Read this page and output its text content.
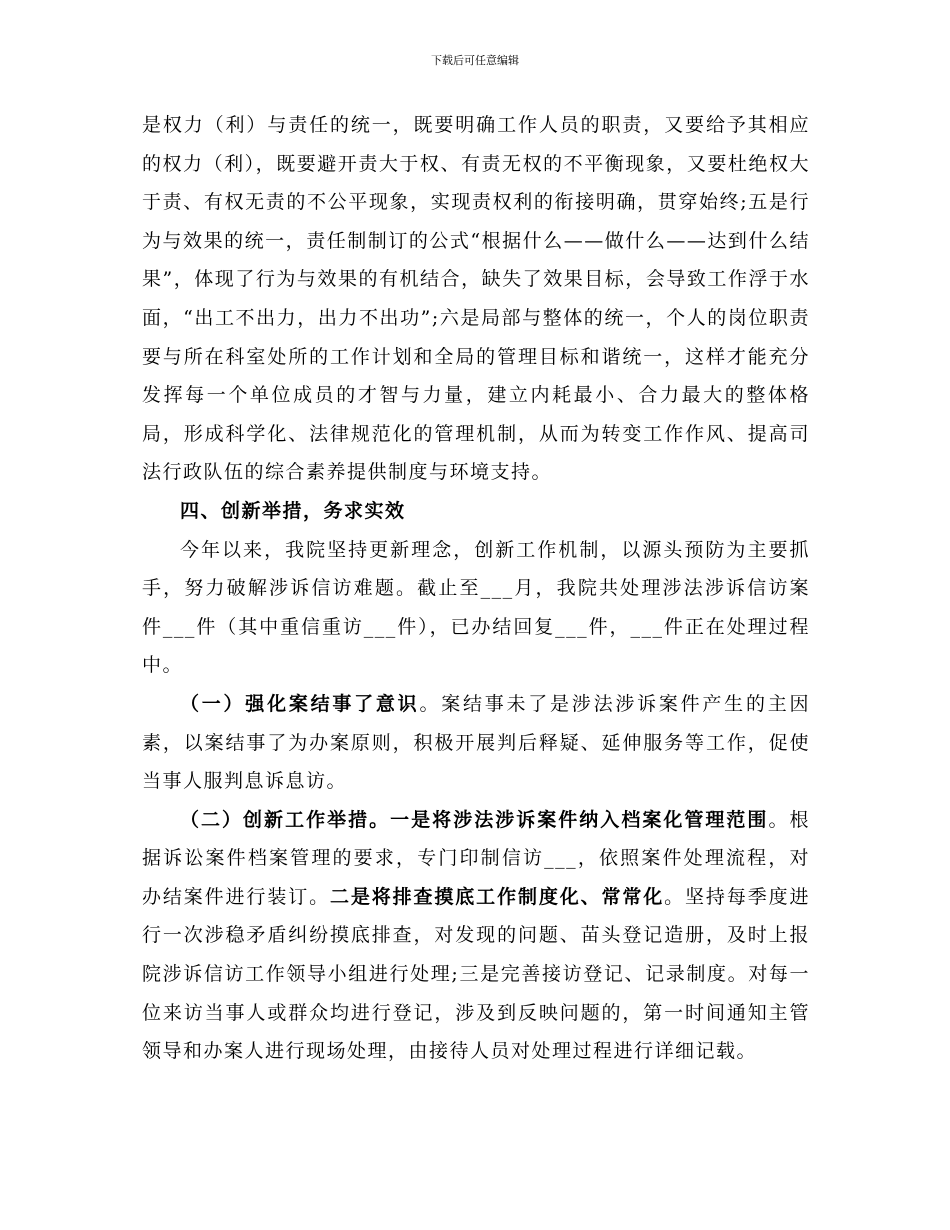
下载后可任意编辑

是权力（利）与责任的统一，既要明确工作人员的职责，又要给予其相应的权力（利），既要避开责大于权、有责无权的不平衡现象，又要杜绝权大于责、有权无责的不公平现象，实现责权利的衔接明确，贯穿始终;五是行为与效果的统一，责任制制订的公式“根据什么——做什么——达到什么结果”，体现了行为与效果的有机结合，缺失了效果目标，会导致工作浮于水面，“出工不出力，出力不出功”;六是局部与整体的统一，个人的岗位职责要与所在科室处所的工作计划和全局的管理目标和谐统一，这样才能充分发挥每一个单位成员的才智与力量，建立内耗最小、合力最大的整体格局，形成科学化、法律规范化的管理机制，从而为转变工作作风、提高司法行政队伍的综合素养提供制度与环境支持。

四、创新举措，务求实效

今年以来，我院坚持更新理念，创新工作机制，以源头预防为主要抓手，努力破解涉诉信访难题。截止至___月，我院共处理涉法涉诉信访案件___件（其中重信重访___件），已办结回复___件，___件正在处理过程中。

（一）强化案结事了意识。案结事未了是涉法涉诉案件产生的主因素，以案结事了为办案原则，积极开展判后释疑、延伸服务等工作，促使当事人服判息诉息访。

（二）创新工作举措。一是将涉法涉诉案件纳入档案化管理范围。根据诉讼案件档案管理的要求，专门印制信访___，依照案件处理流程，对办结案件进行装订。二是将排查摸底工作制度化、常常化。坚持每季度进行一次涉稳矛盾纠纷摸底排查，对发现的问题、苗头登记造册，及时上报院涉诉信访工作领导小组进行处理;三是完善接访登记、记录制度。对每一位来访当事人或群众均进行登记，涉及到反映问题的，第一时间通知主管领导和办案人进行现场处理，由接待人员对处理过程进行详细记载。
